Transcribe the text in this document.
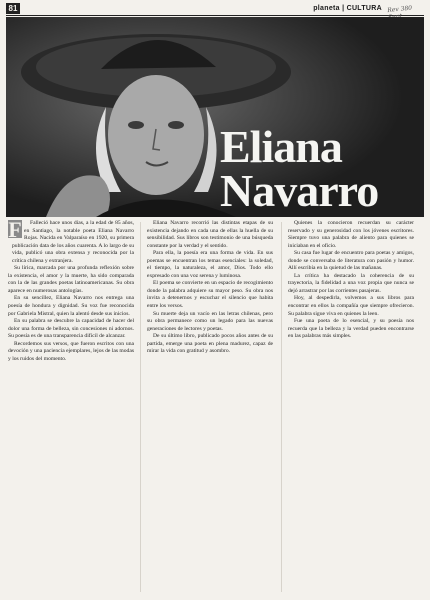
81	planeta | CULTURA Rev 380
Eliana
Navarro
F	Falleció hace unos días, a la edad de 85 años, en Santiago, la notable poeta Eliana Navarro Rojas. Nacida en Valparaíso en 1920, su primera publicación data de los años cuarenta. A lo largo de su vida, publicó una obra extensa y reconocida por la crítica chilena y extranjera.

Su lírica, marcada por una profunda reflexión sobre la existencia, el amor y la muerte, ha sido comparada con la de las grandes poetas latinoamericanas. Su obra aparece en numerosas antologías.

En su sencillez, Eliana Navarro nos entrega una poesía de hondura y dignidad. Su voz fue reconocida por Gabriela Mistral, quien la alentó desde sus inicios.

En su palabra se descubre la capacidad de hacer del dolor una forma de belleza, sin concesiones ni adornos. Su poesía es de una transparencia difícil de alcanzar.

Recordemos sus versos, que fueron escritos con una devoción y una paciencia ejemplares, lejos de las modas y los ruidos del momento.

Eliana Navarro recorrió las distintas etapas de su existencia dejando en cada una de ellas la huella de su sensibilidad. Sus libros son testimonio de una búsqueda constante por la verdad y el sentido.

Para ella, la poesía era una forma de vida. En sus poemas se encuentran los temas esenciales: la soledad, el tiempo, la naturaleza, el amor, Dios. Todo ello expresado con una voz serena y luminosa.

El poema se convierte en un espacio de recogimiento donde la palabra adquiere su mayor peso. Su obra nos invita a detenernos y escuchar el silencio que habita entre los versos.

Su muerte deja un vacío en las letras chilenas, pero su obra permanece como un legado para las nuevas generaciones de lectores y poetas.

De su último libro, publicado pocos años antes de su partida, emerge una poeta en plena madurez, capaz de mirar la vida con gratitud y asombro.

Quienes la conocieron recuerdan su carácter reservado y su generosidad con los jóvenes escritores. Siempre tuvo una palabra de aliento para quienes se iniciaban en el oficio.

Su casa fue lugar de encuentro para poetas y amigos, donde se conversaba de literatura con pasión y humor. Allí escribía en la quietud de las mañanas.

La crítica ha destacado la coherencia de su trayectoria, la fidelidad a una voz propia que nunca se dejó arrastrar por las corrientes pasajeras.

Hoy, al despedirla, volvemos a sus libros para encontrar en ellos la compañía que siempre ofrecieron. Su palabra sigue viva en quienes la leen.

Fue una poeta de lo esencial, y su poesía nos recuerda que la belleza y la verdad pueden encontrarse en las palabras más simples.
